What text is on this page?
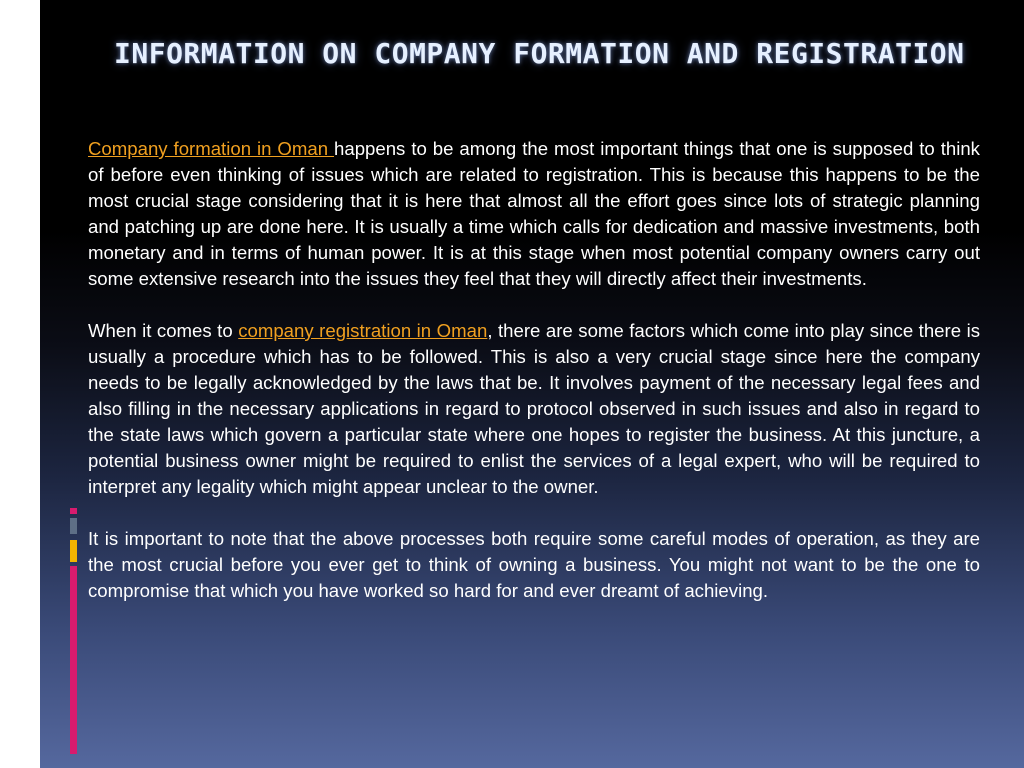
INFORMATION ON COMPANY FORMATION AND REGISTRATION

Company formation in Oman happens to be among the most important things that one is supposed to think of before even thinking of issues which are related to registration. This is because this happens to be the most crucial stage considering that it is here that almost all the effort goes since lots of strategic planning and patching up are done here. It is usually a time which calls for dedication and massive investments, both monetary and in terms of human power. It is at this stage when most potential company owners carry out some extensive research into the issues they feel that they will directly affect their investments.

When it comes to company registration in Oman, there are some factors which come into play since there is usually a procedure which has to be followed. This is also a very crucial stage since here the company needs to be legally acknowledged by the laws that be. It involves payment of the necessary legal fees and also filling in the necessary applications in regard to protocol observed in such issues and also in regard to the state laws which govern a particular state where one hopes to register the business. At this juncture, a potential business owner might be required to enlist the services of a legal expert, who will be required to interpret any legality which might appear unclear to the owner.

It is important to note that the above processes both require some careful modes of operation, as they are the most crucial before you ever get to think of owning a business. You might not want to be the one to compromise that which you have worked so hard for and ever dreamt of achieving.
